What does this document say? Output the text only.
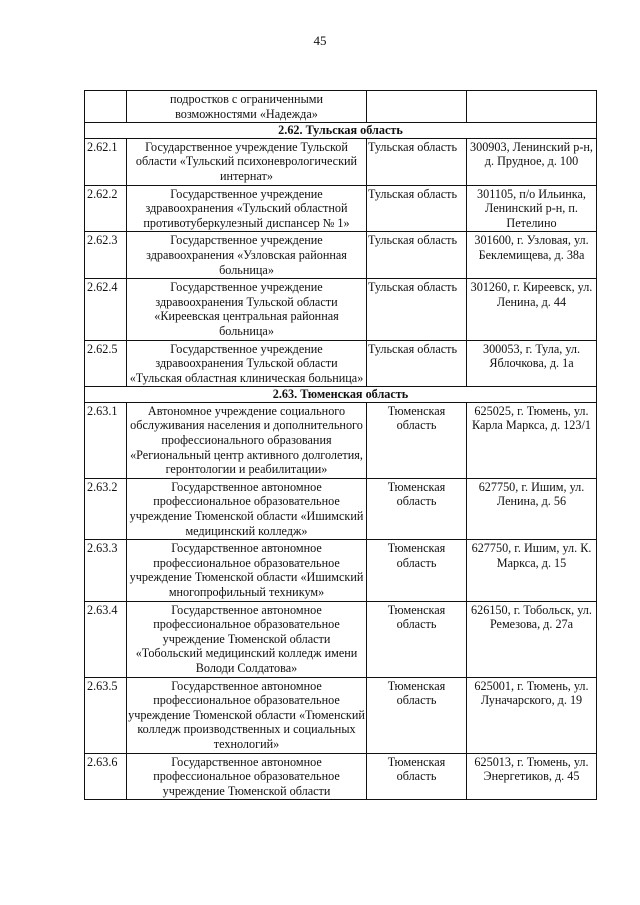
45
	подростков с ограниченными возможностями «Надежда»		
2.62. Тульская область			
2.62.1	Государственное учреждение Тульской области «Тульский психоневрологический интернат»	Тульская область	300903, Ленинский р-н, д. Прудное, д. 100
2.62.2	Государственное учреждение здравоохранения «Тульский областной противотуберкулезный диспансер № 1»	Тульская область	301105, п/о Ильинка, Ленинский р-н, п. Петелино
2.62.3	Государственное учреждение здравоохранения «Узловская районная больница»	Тульская область	301600, г. Узловая, ул. Беклемищева, д. 38а
2.62.4	Государственное учреждение здравоохранения Тульской области «Киреевская центральная районная больница»	Тульская область	301260, г. Киреевск, ул. Ленина, д. 44
2.62.5	Государственное учреждение здравоохранения Тульской области «Тульская областная клиническая больница»	Тульская область	300053, г. Тула, ул. Яблочкова, д. 1а
2.63. Тюменская область			
2.63.1	Автономное учреждение социального обслуживания населения и дополнительного профессионального образования «Региональный центр активного долголетия, геронтологии и реабилитации»	Тюменская область	625025, г. Тюмень, ул. Карла Маркса, д. 123/1
2.63.2	Государственное автономное профессиональное образовательное учреждение Тюменской области «Ишимский медицинский колледж»	Тюменская область	627750, г. Ишим, ул. Ленина, д. 56
2.63.3	Государственное автономное профессиональное образовательное учреждение Тюменской области «Ишимский многопрофильный техникум»	Тюменская область	627750, г. Ишим, ул. К. Маркса, д. 15
2.63.4	Государственное автономное профессиональное образовательное учреждение Тюменской области «Тобольский медицинский колледж имени Володи Солдатова»	Тюменская область	626150, г. Тобольск, ул. Ремезова, д. 27а
2.63.5	Государственное автономное профессиональное образовательное учреждение Тюменской области «Тюменский колледж производственных и социальных технологий»	Тюменская область	625001, г. Тюмень, ул. Луначарского, д. 19
2.63.6	Государственное автономное профессиональное образовательное учреждение Тюменской области	Тюменская область	625013, г. Тюмень, ул. Энергетиков, д. 45
